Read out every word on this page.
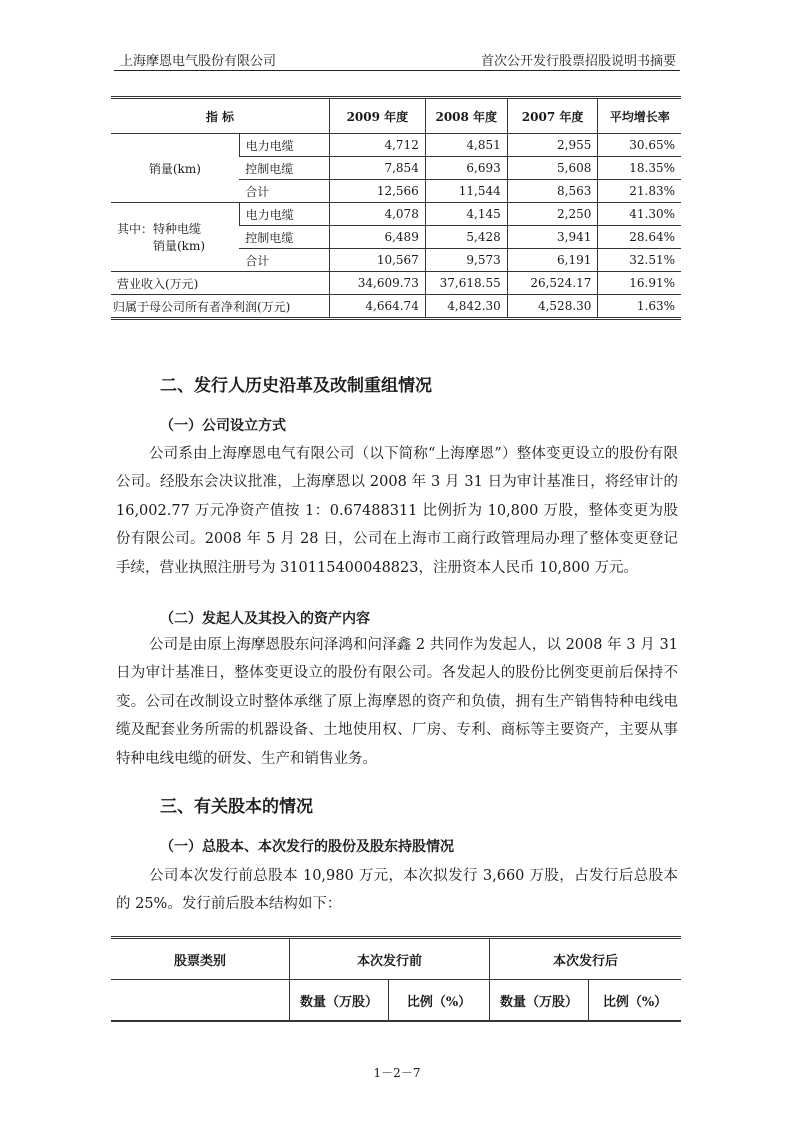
上海摩恩电气股份有限公司	首次公开发行股票招股说明书摘要
指 标		2009 年度	2008 年度	2007 年度	平均增长率
销量(km)	电力电缆	4,712	4,851	2,955	30.65%
	控制电缆	7,854	6,693	5,608	18.35%
	合计	12,566	11,544	8,563	21.83%

其中：特种电缆
销量(km)	电力电缆	4,078	4,145	2,250	41.30%
	控制电缆	6,489	5,428	3,941	28.64%
	合计	10,567	9,573	6,191	32.51%
营业收入(万元)		34,609.73	37,618.55	26,524.17	16.91%
归属于母公司所有者净利润(万元)		4,664.74	4,842.30	4,528.30	1.63%
二、发行人历史沿革及改制重组情况
（一）公司设立方式
公司系由上海摩恩电气有限公司（以下简称“上海摩恩”）整体变更设立的股份有限公司。经股东会决议批准，上海摩恩以 2008 年 3 月 31 日为审计基准日，将经审计的 16,002.77 万元净资产值按 1：0.67488311 比例折为 10,800 万股，整体变更为股份有限公司。2008 年 5 月 28 日，公司在上海市工商行政管理局办理了整体变更登记手续，营业执照注册号为 310115400048823，注册资本人民币 10,800 万元。
（二）发起人及其投入的资产内容
公司是由原上海摩恩股东问泽鸿和问泽鑫 2 共同作为发起人，以 2008 年 3 月 31 日为审计基准日，整体变更设立的股份有限公司。各发起人的股份比例变更前后保持不变。公司在改制设立时整体承继了原上海摩恩的资产和负债，拥有生产销售特种电线电缆及配套业务所需的机器设备、土地使用权、厂房、专利、商标等主要资产，主要从事特种电线电缆的研发、生产和销售业务。
三、有关股本的情况
（一）总股本、本次发行的股份及股东持股情况
公司本次发行前总股本 10,980 万元，本次拟发行 3,660 万股，占发行后总股本的 25%。发行前后股本结构如下：
股票类别	本次发行前		本次发行后	
	数量（万股）	比例（%）	数量（万股）	比例（%）
1－2－7
